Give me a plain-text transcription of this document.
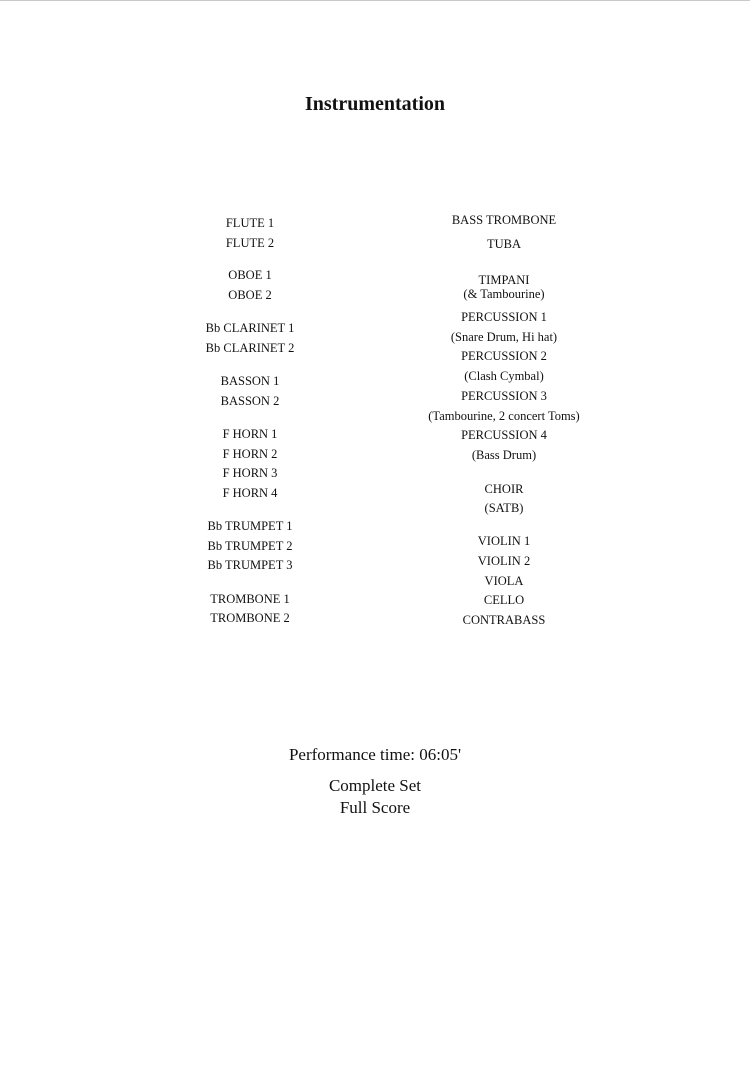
Instrumentation
FLUTE 1
FLUTE 2
OBOE 1
OBOE 2
Bb CLARINET 1
Bb CLARINET 2
BASSON 1
BASSON 2
F HORN 1
F HORN 2
F HORN 3
F HORN 4
Bb TRUMPET 1
Bb TRUMPET 2
Bb TRUMPET 3
TROMBONE 1
TROMBONE 2
BASS TROMBONE
TUBA
TIMPANI
(& Tambourine)
PERCUSSION 1
(Snare Drum, Hi hat)
PERCUSSION 2
(Clash Cymbal)
PERCUSSION 3
(Tambourine, 2 concert Toms)
PERCUSSION 4
(Bass Drum)
CHOIR
(SATB)
VIOLIN 1
VIOLIN 2
VIOLA
CELLO
CONTRABASS
Performance time: 06:05'
Complete Set
Full Score
